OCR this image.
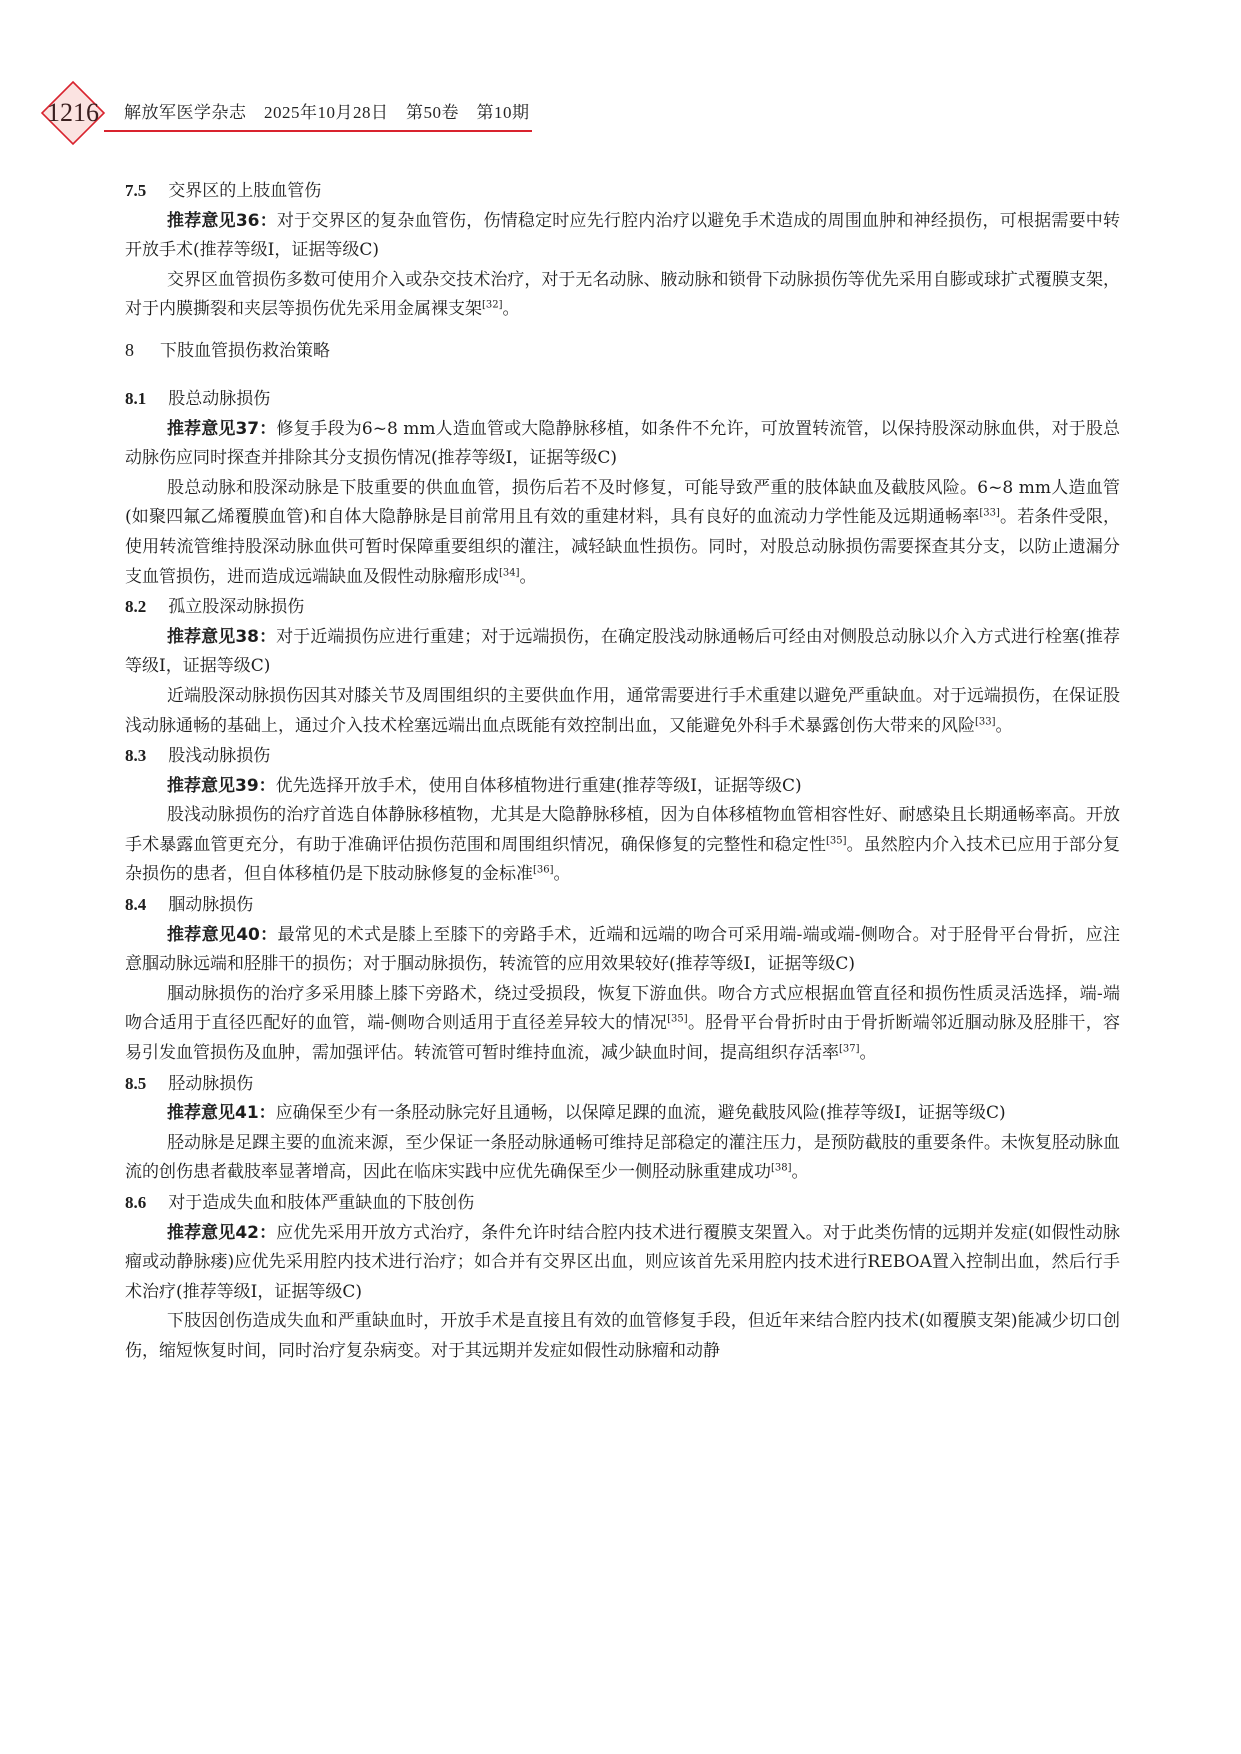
1216	解放军医学杂志　2025年10月28日　第50卷　第10期
7.5 交界区的上肢血管伤

推荐意见36：对于交界区的复杂血管伤，伤情稳定时应先行腔内治疗以避免手术造成的周围血肿和神经损伤，可根据需要中转开放手术(推荐等级Ⅰ，证据等级C)

交界区血管损伤多数可使用介入或杂交技术治疗，对于无名动脉、腋动脉和锁骨下动脉损伤等优先采用自膨或球扩式覆膜支架，对于内膜撕裂和夹层等损伤优先采用金属裸支架[32]。

8 下肢血管损伤救治策略
8.1 股总动脉损伤

推荐意见37：修复手段为6~8 mm人造血管或大隐静脉移植，如条件不允许，可放置转流管，以保持股深动脉血供，对于股总动脉伤应同时探查并排除其分支损伤情况(推荐等级Ⅰ，证据等级C)

股总动脉和股深动脉是下肢重要的供血血管，损伤后若不及时修复，可能导致严重的肢体缺血及截肢风险。6~8 mm人造血管(如聚四氟乙烯覆膜血管)和自体大隐静脉是目前常用且有效的重建材料，具有良好的血流动力学性能及远期通畅率[33]。若条件受限，使用转流管维持股深动脉血供可暂时保障重要组织的灌注，减轻缺血性损伤。同时，对股总动脉损伤需要探查其分支，以防止遗漏分支血管损伤，进而造成远端缺血及假性动脉瘤形成[34]。

8.2 孤立股深动脉损伤

推荐意见38：对于近端损伤应进行重建；对于远端损伤，在确定股浅动脉通畅后可经由对侧股总动脉以介入方式进行栓塞(推荐等级Ⅰ，证据等级C)

近端股深动脉损伤因其对膝关节及周围组织的主要供血作用，通常需要进行手术重建以避免严重缺血。对于远端损伤，在保证股浅动脉通畅的基础上，通过介入技术栓塞远端出血点既能有效控制出血，又能避免外科手术暴露创伤大带来的风险[33]。

8.3 股浅动脉损伤

推荐意见39：优先选择开放手术，使用自体移植物进行重建(推荐等级Ⅰ，证据等级C)

股浅动脉损伤的治疗首选自体静脉移植物，尤其是大隐静脉移植，因为自体移植物血管相容性好、耐感染且长期通畅率高。开放手术暴露血管更充分，有助于准确评估损伤范围和周围组织情况，确保修复的完整性和稳定性[35]。虽然腔内介入技术已应用于部分复杂损伤的患者，但自体移植仍是下肢动脉修复的金标准[36]。

8.4 腘动脉损伤

推荐意见40：最常见的术式是膝上至膝下的旁路手术，近端和远端的吻合可采用端-端或端-侧吻合。对于胫骨平台骨折，应注意腘动脉远端和胫腓干的损伤；对于腘动脉损伤，转流管的应用效果较好(推荐等级Ⅰ，证据等级C)

腘动脉损伤的治疗多采用膝上膝下旁路术，绕过受损段，恢复下游血供。吻合方式应根据血管直径和损伤性质灵活选择，端-端吻合适用于直径匹配好的血管，端-侧吻合则适用于直径差异较大的情况[35]。胫骨平台骨折时由于骨折断端邻近腘动脉及胫腓干，容易引发血管损伤及血肿，需加强评估。转流管可暂时维持血流，减少缺血时间，提高组织存活率[37]。

8.5 胫动脉损伤

推荐意见41：应确保至少有一条胫动脉完好且通畅，以保障足踝的血流，避免截肢风险(推荐等级Ⅰ，证据等级C)

胫动脉是足踝主要的血流来源，至少保证一条胫动脉通畅可维持足部稳定的灌注压力，是预防截肢的重要条件。未恢复胫动脉血流的创伤患者截肢率显著增高，因此在临床实践中应优先确保至少一侧胫动脉重建成功[38]。

8.6 对于造成失血和肢体严重缺血的下肢创伤

推荐意见42：应优先采用开放方式治疗，条件允许时结合腔内技术进行覆膜支架置入。对于此类伤情的远期并发症(如假性动脉瘤或动静脉瘘)应优先采用腔内技术进行治疗；如合并有交界区出血，则应该首先采用腔内技术进行REBOA置入控制出血，然后行手术治疗(推荐等级Ⅰ，证据等级C)

下肢因创伤造成失血和严重缺血时，开放手术是直接且有效的血管修复手段，但近年来结合腔内技术(如覆膜支架)能减少切口创伤，缩短恢复时间，同时治疗复杂病变。对于其远期并发症如假性动脉瘤和动静
